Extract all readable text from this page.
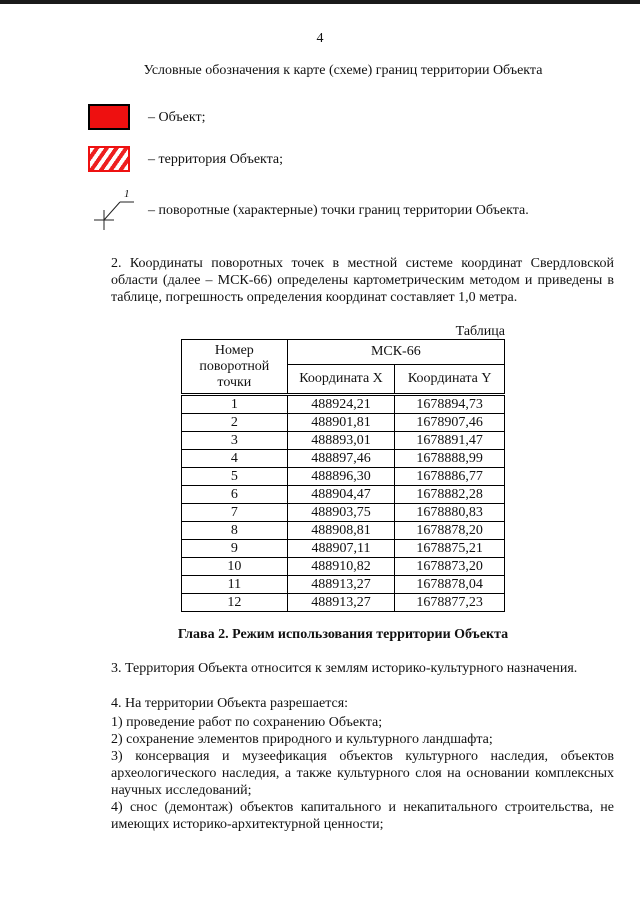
4
Условные обозначения к карте (схеме) границ территории Объекта
– Объект;
– территория Объекта;
1
– поворотные (характерные) точки границ территории Объекта.
2. Координаты поворотных точек в местной системе координат Свердловской области (далее – МСК-66) определены картометрическим методом и приведены в таблице, погрешность определения координат составляет 1,0 метра.
Таблица
Номер поворотной точки	МСК-66	
	Координата X	Координата Y
1	488924,21	1678894,73
2	488901,81	1678907,46
3	488893,01	1678891,47
4	488897,46	1678888,99
5	488896,30	1678886,77
6	488904,47	1678882,28
7	488903,75	1678880,83
8	488908,81	1678878,20
9	488907,11	1678875,21
10	488910,82	1678873,20
11	488913,27	1678878,04
12	488913,27	1678877,23
Глава 2. Режим использования территории Объекта
3. Территория Объекта относится к землям историко-культурного назначения.
4. На территории Объекта разрешается:
1) проведение работ по сохранению Объекта;
2) сохранение элементов природного и культурного ландшафта;
3) консервация и музеефикация объектов культурного наследия, объектов археологического наследия, а также культурного слоя на основании комплексных научных исследований;
4) снос (демонтаж) объектов капитального и некапитального строительства, не имеющих историко-архитектурной ценности;
